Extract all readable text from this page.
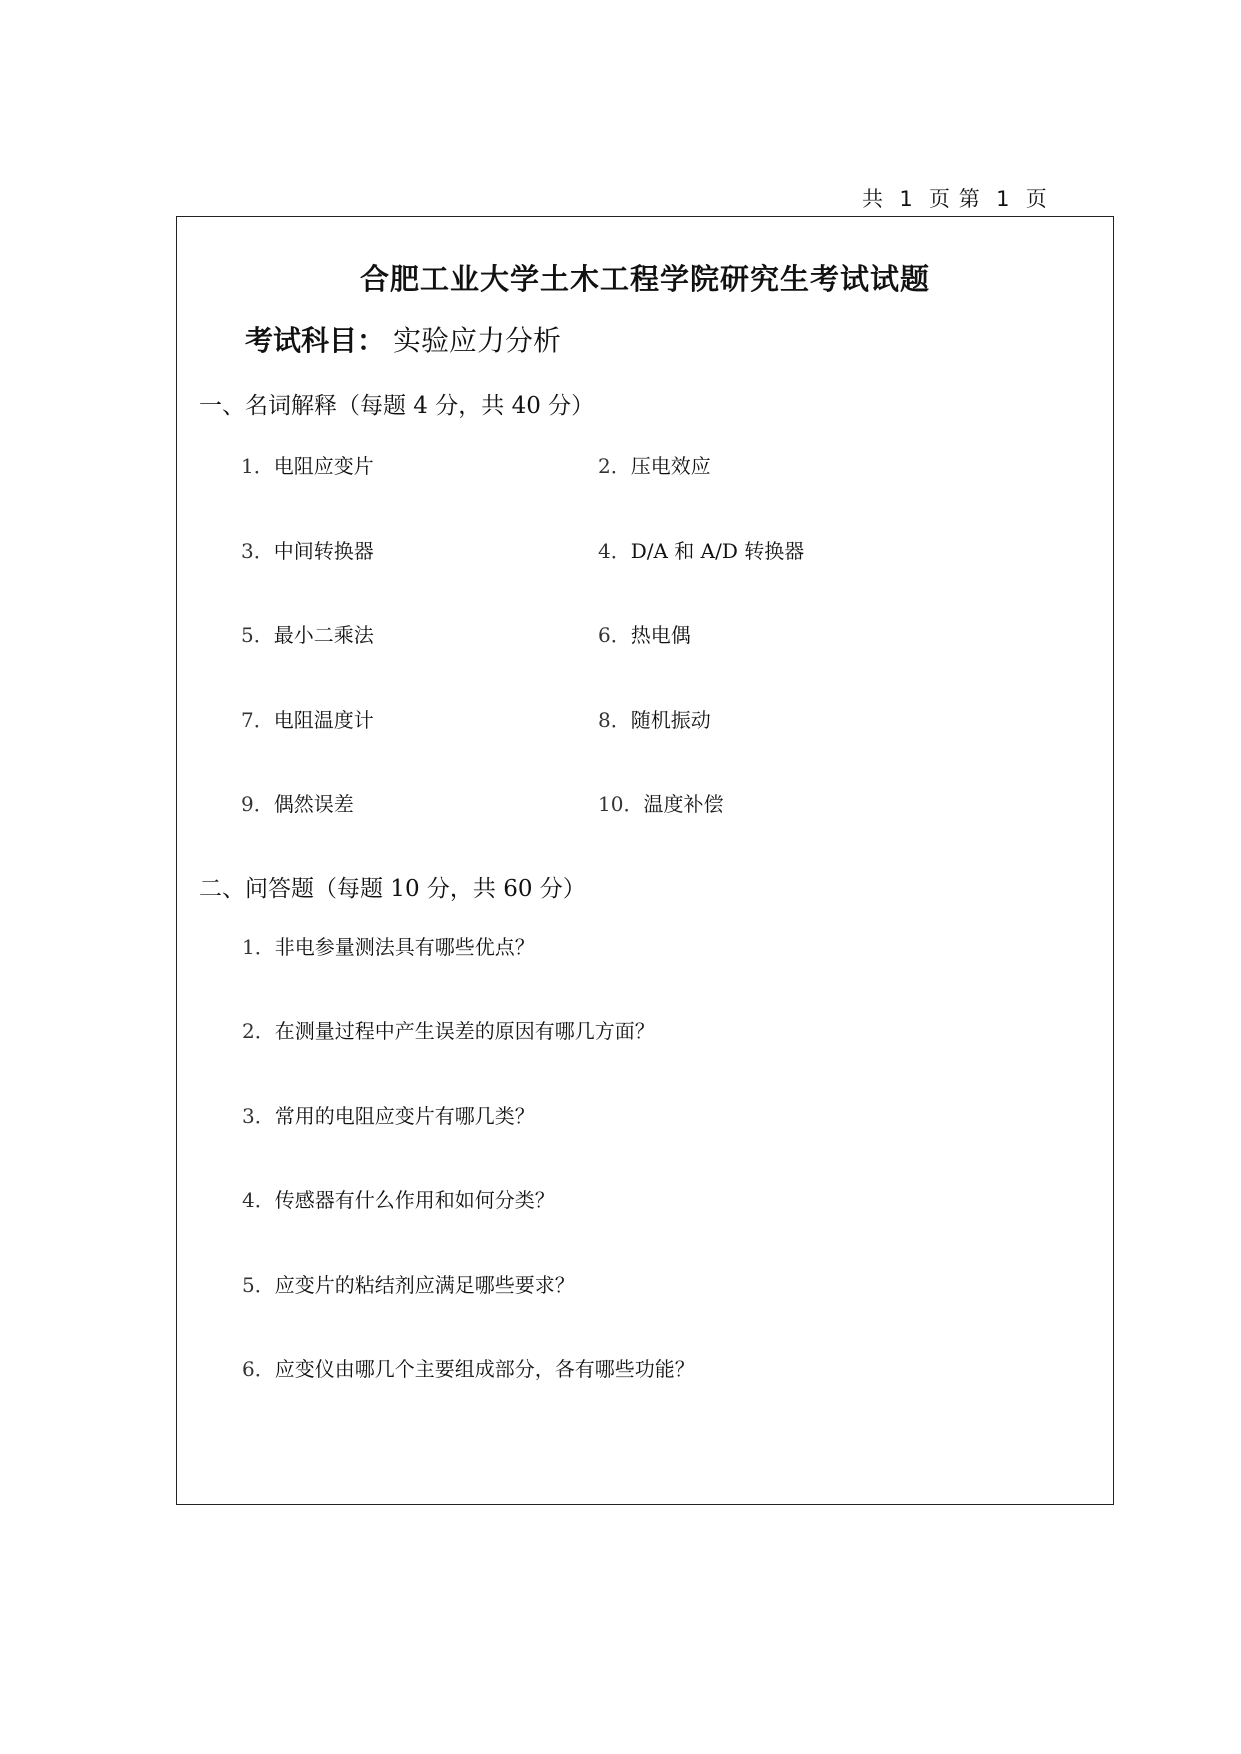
共  1  页 第  1  页
合肥工业大学土木工程学院研究生考试试题
考试科目： 实验应力分析
一、名词解释（每题 4 分，共 40 分）
1．电阻应变片	2．压电效应
3．中间转换器	4．D/A 和 A/D 转换器
5．最小二乘法	6．热电偶
7．电阻温度计	8．随机振动
9．偶然误差	10．温度补偿
二、问答题（每题 10 分，共 60 分）
1．非电参量测法具有哪些优点？
2．在测量过程中产生误差的原因有哪几方面？
3．常用的电阻应变片有哪几类？
4．传感器有什么作用和如何分类？
5．应变片的粘结剂应满足哪些要求？
6．应变仪由哪几个主要组成部分，各有哪些功能？
